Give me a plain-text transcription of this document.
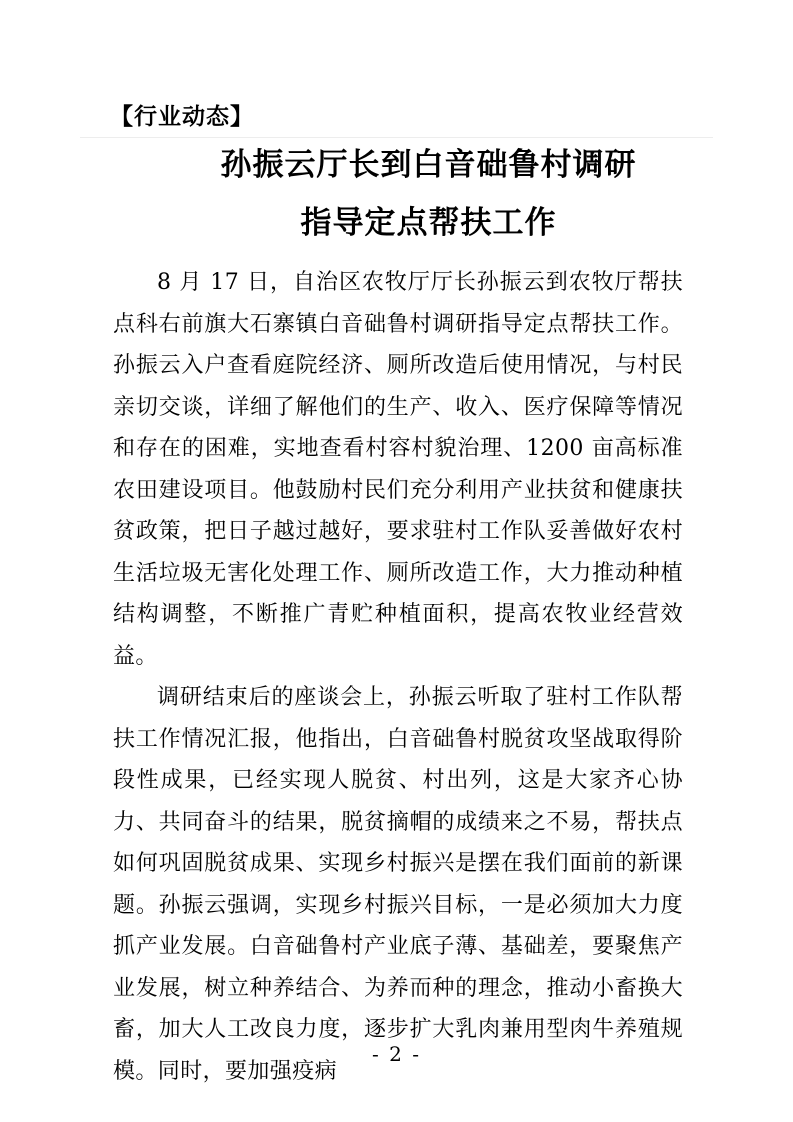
【行业动态】
孙振云厅长到白音础鲁村调研
指导定点帮扶工作

8 月 17 日，自治区农牧厅厅长孙振云到农牧厅帮扶点科右前旗大石寨镇白音础鲁村调研指导定点帮扶工作。孙振云入户查看庭院经济、厕所改造后使用情况，与村民亲切交谈，详细了解他们的生产、收入、医疗保障等情况和存在的困难，实地查看村容村貌治理、1200 亩高标准农田建设项目。他鼓励村民们充分利用产业扶贫和健康扶贫政策，把日子越过越好，要求驻村工作队妥善做好农村生活垃圾无害化处理工作、厕所改造工作，大力推动种植结构调整，不断推广青贮种植面积，提高农牧业经营效益。

调研结束后的座谈会上，孙振云听取了驻村工作队帮扶工作情况汇报，他指出，白音础鲁村脱贫攻坚战取得阶段性成果，已经实现人脱贫、村出列，这是大家齐心协力、共同奋斗的结果，脱贫摘帽的成绩来之不易，帮扶点如何巩固脱贫成果、实现乡村振兴是摆在我们面前的新课题。孙振云强调，实现乡村振兴目标，一是必须加大力度抓产业发展。白音础鲁村产业底子薄、基础差，要聚焦产业发展，树立种养结合、为养而种的理念，推动小畜换大畜，加大人工改良力度，逐步扩大乳肉兼用型肉牛养殖规模。同时，要加强疫病

- 2 -
